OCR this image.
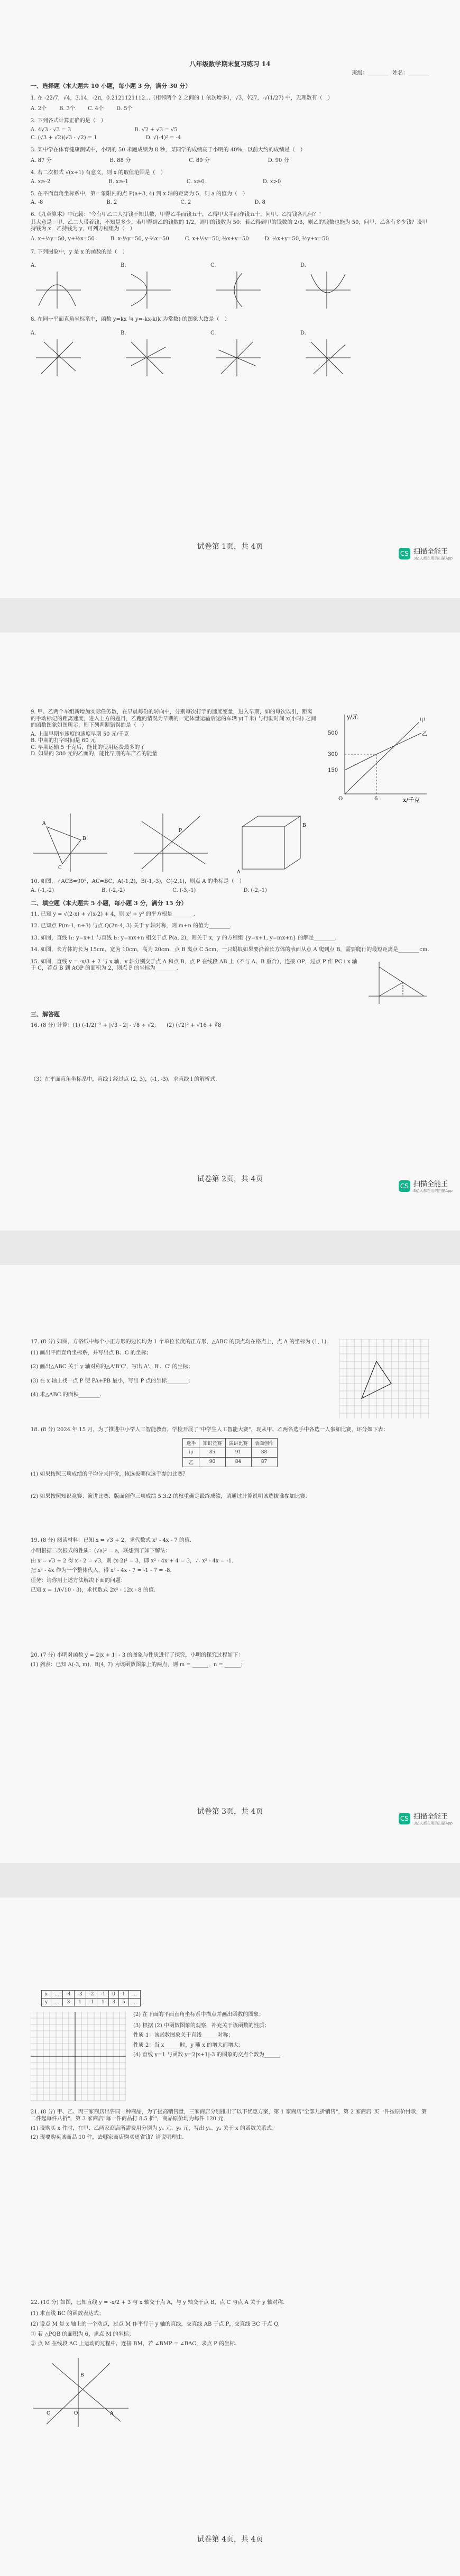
八年级数学期末复习练习 14
班级：________  姓名：________
一、选择题（本大题共 10 小题，每小题 3 分，满分 30 分）
1. 在 -22/7，√4，3.14，-2π，0.2121121112…（相邻两个 2 之间的 1 依次增多），√3，∛27，-√(1/27) 中，无理数有（　）
A. 2个 B. 3个 C. 4个 D. 5个
2. 下列各式计算正确的是（　）
A. 4√3 - √3 = 3	B. √2 + √3 = √5
C. (√3 + √2)(√3 - √2) = 1	D. √(-4)² = -4
3. 某中学在体育健康测试中，小明的 50 米跑成绩为 8 秒，某同学的成绩高于小明的 40%，以前大约的成绩是（　）
A. 87 分	B. 88 分	C. 89 分	D. 90 分
4. 若二次根式 √(x+1) 有意义，则 x 的取值范围是（　）
A. x≥-2	B. x≥-1	C. x≥0	D. x>0
5. 在平面直角坐标系中，第一象限内的点 P(a+3, 4) 到 x 轴的距离为 5，则 a 的值为（　）
A. -8	B. 2	C. 2	D. 8
6.《九章算术》中记载："今有甲乙二人持钱不知其数，甲得乙半而钱五十，乙得甲太半而亦钱五十，问甲、乙持钱各几何？"
其大意是：甲、乙二人带着钱，不知是多少，若甲得到乙的钱数的 1/2，则甲的钱数为 50；若乙得到甲的钱数的 2/3，则乙的钱数也能为 50，问甲、乙各有多少钱？设甲持钱为 x，乙持钱为 y，可列方程组为（　）
A. x+½y=50, y+⅔x=50	B. x-½y=50, y-⅔x=50	C. x+½y=50, ⅔x+y=50	D. ½x+y=50, ⅔y+x=50
7. 下列图象中，y 是 x 的函数的是（　）
A.	B.	C.	D.
8. 在同一平面直角坐标系中，函数 y=kx 与 y=-kx-k(k 为常数) 的图象大致是（　）
A.	B.	C.	D.
试卷第 1页，共 4页
CS 扫描全能王
3亿人都在用的扫描App
9. 甲、乙两个车组新增加实际任务数，在早晨每份的转向中，分别每次打字的速度变量，进入早期，如的每次以引，距离的手动标记的距离速度，进入上方的题目，乙跑的情况为早期的一定体量运输后运的车辆 y(千米) 与行驶时间 x(小时) 之间的函数图象如图所示，则下列判断错误的是（　）
A. 上面早期车速度的速度早期 50 元/千克
B. 中期的打字时间是 60 元
C. 早期运输 5 千克后，能比的使用运费最多的了
D. 如果的 280 元的乙面的，能比早期的车产乙的能量
y/元
x/千克
500
300
150
O	6
甲
乙
A
B
C
P
A
B
10. 如图，∠ACB=90°，AC=BC，A(-1,2)，B(-1,-3)，C(-2,1)，则点 A 的坐标是（　）
A. (-1,-2)	B. (-2,-2)	C. (-3,-1)	D. (-2,-1)
二、填空题（本大题共 5 小题，每小题 3 分，满分 15 分）
11. 已知 y = √(2-x) + √(x-2) + 4，则 x² + y² 的平方根是________.
12. 已知点 P(m-1, n+3) 与点 Q(2n-4, 3) 关于 y 轴对称，则 m+n 的值为________.
13. 如图，直线 l₁: y=x+1 与直线 l₂: y=mx+n 相交于点 P(a, 2)，则关于 x，y 的方程组 {y=x+1, y=mx+n} 的解是________.
14. 如图，长方体的长为 15cm，宽为 10cm，高为 20cm，点 B 离点 C 5cm，一只蚂蚁如果要沿着长方体的表面从点 A 爬到点 B，需要爬行的最短距离是________cm.
15. 如图，直线 y = -x/3 + 2 与 x 轴，y 轴分别交于点 A 和点 B，点 P 在线段 AB 上（不与 A、B 重合），连接 OP，过点 P 作 PC⊥x 轴于 C，若点 B 到 AOP 的面积为 2，则点 P 的坐标为________.
三、解答题
16. (8 分) 计算：(1) (-1/2)⁻² + |√3 - 2| - √8 ÷ √2;　　(2) (√2)² + √16 + ∛8
（3）在平面直角坐标系中，直线 l 经过点 (2, 3)，(-1, -3)，求直线 l 的解析式.
试卷第 2页，共 4页
CS 扫描全能王
3亿人都在用的扫描App
17. (8 分) 如图，方格纸中每个小正方形的边长均为 1 个单位长度的正方形，△ABC 的顶点均在格点上，点 A 的坐标为 (1, 1).
(1) 画出平面直角坐标系，并写出点 B、C 的坐标；
(2) 画出△ABC 关于 y 轴对称的△A'B'C'，写出 A'、B'、C' 的坐标；
(3) 在 x 轴上找一点 P 使 PA+PB 最小，写出 P 点的坐标________；
(4) 求△ABC 的面积________.
18. (8 分) 2024 年 15 月，为了推进中小学人工智能教育，学校开展了"中学生人工智能大赛"，现从甲、乙两名选手中各选一人参加比赛，评分如下表：
选手	知识竞赛	演讲比赛	版面创作
甲	85	91	88
乙	90	84	87
(1) 如果按照三项成绩的平均分来评价，该选拔哪位选手参加比赛？
(2) 如果按照知识竞赛、演讲比赛、版面创作三项成绩 5:3:2 的权重确定最终成绩，请通过计算说明该选拔谁参加比赛.
19. (8 分) 阅读材料：已知 x = √3 + 2，求代数式 x² - 4x - 7 的值.
小明根据二次根式的性质：(√a)² = a，联想到了如下解法：
由 x = √3 + 2 得 x - 2 = √3，则 (x-2)² = 3，即 x² - 4x + 4 = 3，∴ x² - 4x = -1.
把 x² - 4x 作为一个整体代入，得 x² - 4x - 7 = -1 - 7 = -8.
任务：请你用上述方法解决下面的问题：
已知 x = 1/(√10 - 3)，求代数式 2x² - 12x - 8 的值.
20. (7 分) 小明对函数 y = 2|x + 1| - 3 的图象与性质进行了探究，小明的探究过程如下：
(1) 列表：已知 A(-3, m)，B(4, 7) 为该函数图象上的两点，则 m = ______，n = ______；
试卷第 3页，共 4页
CS 扫描全能王
3亿人都在用的扫描App
x	…	-4	-3	-2	-1	0	1	…
y	…	3	1	-1	1	3	5	…
(2) 在下面的平面直角坐标系中描点并画出函数的图象；
(3) 根据 (2) 中函数图象的观察，补充关于该函数的性质：
性质 1：该函数图象关于直线______对称；
性质 2：当 x______时，y 随 x 的增大而增大；
(4) 直线 y=1 与函数 y=2|x+1|-3 的图象的交点个数为______.
21. (8 分) 甲、乙、丙三家商店出售同一种商品，为了提高销售量，三家商店分别推出了以下优惠方案，第 1 家商店"全部九折销售"，第 2 家商店"买一件按原价付款，第二件起每件八折"，第 3 家商店"每一件商品打 8.5 折"，商品原价均为每件 120 元.
(1) 设购买 x 件时，在甲、乙两家商店所需费用分别为 y₁ 元、y₂ 元，写出 y₁、y₂ 关于 x 的函数关系式；
(2) 现要购买该商品 10 件，去哪家商店购买更省钱？请说明理由.
22. (10 分) 如图，已知直线 y = -x/2 + 3 与 x 轴交于点 A，与 y 轴交于点 B，点 C 与点 A 关于 y 轴对称.
(1) 求直线 BC 的函数表达式；
(2) 设点 M 是 x 轴上的一个动点，过点 M 作平行于 y 轴的直线，交直线 AB 于点 P，交直线 BC 于点 Q.
① 若 △PQB 的面积为 6，求点 M 的坐标；
② 点 M 在线段 AC 上运动的过程中，连接 BM，若 ∠BMP = ∠BAC，求点 P 的坐标.
B
A
C	O
试卷第 4页，共 4页
